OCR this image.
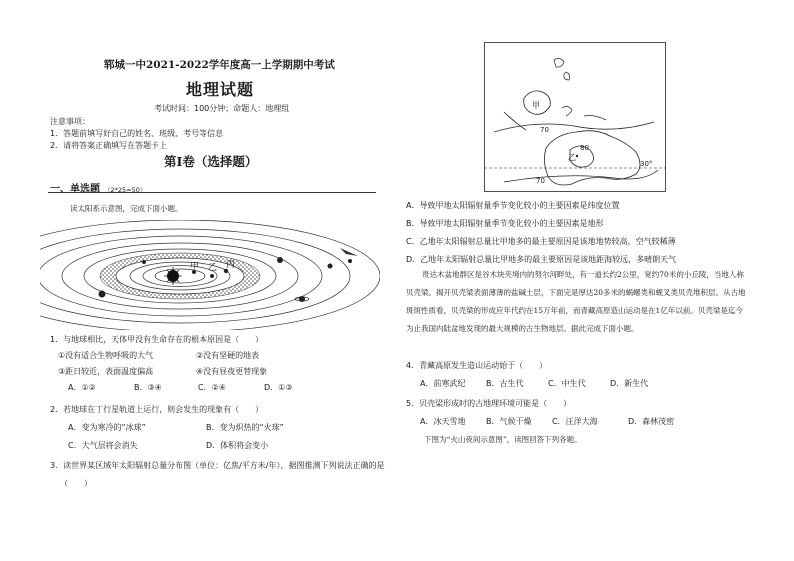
郓城一中2021-2022学年度高一上学期期中考试
地理试题
考试时间：100分钟；命题人：地理组
注意事项：
1．答题前填写好自己的姓名、班级、考号等信息
2．请将答案正确填写在答题卡上
第Ⅰ卷（选择题）
一、单选题 （2*25=50）
读太阳系示意图，完成下面小题。
甲 乙 丙
1．与地球相比，天体甲没有生命存在的根本原因是（　　）
①没有适合生物呼吸的大气	②没有坚硬的地表
③距日较近，表面温度偏高	④没有昼夜更替现象
A．①②	B．③④	C．②④	D．①③
2．若地球在丁行星轨道上运行，则会发生的现象有（　　）
A．变为寒冷的“冰球”	B．变为炽热的“火球”
C．大气层将会消失	D．体积将会变小
3．读世界某区域年太阳辐射总量分布图（单位：亿焦/平方米/年），据图推测下列说法正确的是
（　　）
甲
70
80
乙
30°
70
A．导致甲地太阳辐射量季节变化较小的主要因素是纬度位置
B．导致甲地太阳辐射量季节变化较小的主要因素是地形
C．乙地年太阳辐射总量比甲地多的最主要原因是该地地势较高，空气较稀薄
D．乙地年太阳辐射总量比甲地多的最主要原因是该地距海较远，多晴朗天气
贵达木盆地群区是谷木块夹境内的努尔河畔处，有一道长约2公里，宽约70米的小丘陵，当地人称贝壳梁。揭开贝壳梁表面薄薄的盐碱土层，下面完是厚达20多米的蜗螺类和蚬叉类贝壳堆积层。从古地斑斑性质看，贝壳梁的形成应年代约在15万年前，而青藏高原造山运动是在1亿年以前。贝壳梁是迄今为止我国内陆盆地发现的最大规模的古生物地层。据此完成下面小题。
4．青藏高原发生造山运动始于（　　）
A．前寒武纪	B．古生代	C．中生代	D．新生代
5．贝壳梁形成时的古地理环境可能是（　　）
A．冰天雪地	B．气候干燥	C．汪洋大海	D．森林茂密
下图为“火山夜间示意图”，读图回答下列各题。
